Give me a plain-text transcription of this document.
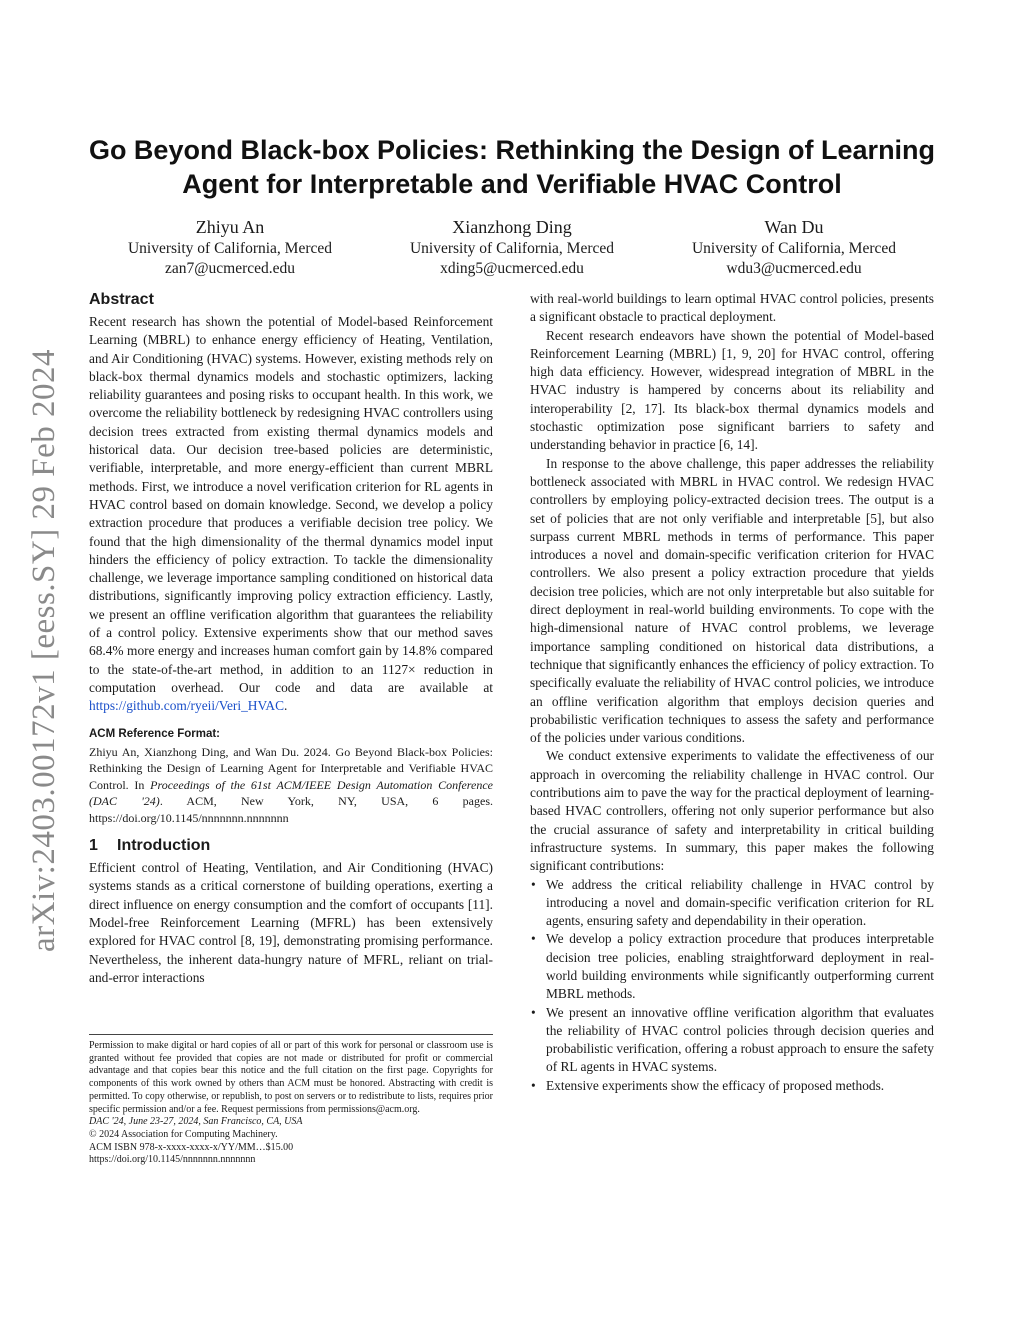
arXiv:2403.00172v1 [eess.SY] 29 Feb 2024
Go Beyond Black-box Policies: Rethinking the Design of Learning
Agent for Interpretable and Verifiable HVAC Control
Zhiyu An
University of California, Merced
zan7@ucmerced.edu
Xianzhong Ding
University of California, Merced
xding5@ucmerced.edu
Wan Du
University of California, Merced
wdu3@ucmerced.edu
Abstract

Recent research has shown the potential of Model-based Reinforcement Learning (MBRL) to enhance energy efficiency of Heating, Ventilation, and Air Conditioning (HVAC) systems. However, existing methods rely on black-box thermal dynamics models and stochastic optimizers, lacking reliability guarantees and posing risks to occupant health. In this work, we overcome the reliability bottleneck by redesigning HVAC controllers using decision trees extracted from existing thermal dynamics models and historical data. Our decision tree-based policies are deterministic, verifiable, interpretable, and more energy-efficient than current MBRL methods. First, we introduce a novel verification criterion for RL agents in HVAC control based on domain knowledge. Second, we develop a policy extraction procedure that produces a verifiable decision tree policy. We found that the high dimensionality of the thermal dynamics model input hinders the efficiency of policy extraction. To tackle the dimensionality challenge, we leverage importance sampling conditioned on historical data distributions, significantly improving policy extraction efficiency. Lastly, we present an offline verification algorithm that guarantees the reliability of a control policy. Extensive experiments show that our method saves 68.4% more energy and increases human comfort gain by 14.8% compared to the state-of-the-art method, in addition to an 1127× reduction in computation overhead. Our code and data are available at https://github.com/ryeii/Veri_HVAC.

ACM Reference Format:

Zhiyu An, Xianzhong Ding, and Wan Du. 2024. Go Beyond Black-box Policies: Rethinking the Design of Learning Agent for Interpretable and Verifiable HVAC Control. In Proceedings of the 61st ACM/IEEE Design Automation Conference (DAC '24). ACM, New York, NY, USA, 6 pages. https://doi.org/10.1145/nnnnnnn.nnnnnnn

1 Introduction

Efficient control of Heating, Ventilation, and Air Conditioning (HVAC) systems stands as a critical cornerstone of building operations, exerting a direct influence on energy consumption and the comfort of occupants [11]. Model-free Reinforcement Learning (MFRL) has been extensively explored for HVAC control [8, 19], demonstrating promising performance. Nevertheless, the inherent data-hungry nature of MFRL, reliant on trial-and-error interactions

Permission to make digital or hard copies of all or part of this work for personal or classroom use is granted without fee provided that copies are not made or distributed for profit or commercial advantage and that copies bear this notice and the full citation on the first page. Copyrights for components of this work owned by others than ACM must be honored. Abstracting with credit is permitted. To copy otherwise, or republish, to post on servers or to redistribute to lists, requires prior specific permission and/or a fee. Request permissions from permissions@acm.org.

DAC '24, June 23-27, 2024, San Francisco, CA, USA

© 2024 Association for Computing Machinery.

ACM ISBN 978-x-xxxx-xxxx-x/YY/MM…$15.00

https://doi.org/10.1145/nnnnnnn.nnnnnnn

with real-world buildings to learn optimal HVAC control policies, presents a significant obstacle to practical deployment.

Recent research endeavors have shown the potential of Model-based Reinforcement Learning (MBRL) [1, 9, 20] for HVAC control, offering high data efficiency. However, widespread integration of MBRL in the HVAC industry is hampered by concerns about its reliability and interoperability [2, 17]. Its black-box thermal dynamics models and stochastic optimization pose significant barriers to safety and understanding behavior in practice [6, 14].

In response to the above challenge, this paper addresses the reliability bottleneck associated with MBRL in HVAC control. We redesign HVAC controllers by employing policy-extracted decision trees. The output is a set of policies that are not only verifiable and interpretable [5], but also surpass current MBRL methods in terms of performance. This paper introduces a novel and domain-specific verification criterion for HVAC controllers. We also present a policy extraction procedure that yields decision tree policies, which are not only interpretable but also suitable for direct deployment in real-world building environments. To cope with the high-dimensional nature of HVAC control problems, we leverage importance sampling conditioned on historical data distributions, a technique that significantly enhances the efficiency of policy extraction. To specifically evaluate the reliability of HVAC control policies, we introduce an offline verification algorithm that employs decision queries and probabilistic verification techniques to assess the safety and performance of the policies under various conditions.

We conduct extensive experiments to validate the effectiveness of our approach in overcoming the reliability challenge in HVAC control. Our contributions aim to pave the way for the practical deployment of learning-based HVAC controllers, offering not only superior performance but also the crucial assurance of safety and interpretability in critical building infrastructure systems. In summary, this paper makes the following significant contributions:

• We address the critical reliability challenge in HVAC control by introducing a novel and domain-specific verification criterion for RL agents, ensuring safety and dependability in their operation.
• We develop a policy extraction procedure that produces interpretable decision tree policies, enabling straightforward deployment in real-world building environments while significantly outperforming current MBRL methods.
• We present an innovative offline verification algorithm that evaluates the reliability of HVAC control policies through decision queries and probabilistic verification, offering a robust approach to ensure the safety of RL agents in HVAC systems.
• Extensive experiments show the efficacy of proposed methods.
